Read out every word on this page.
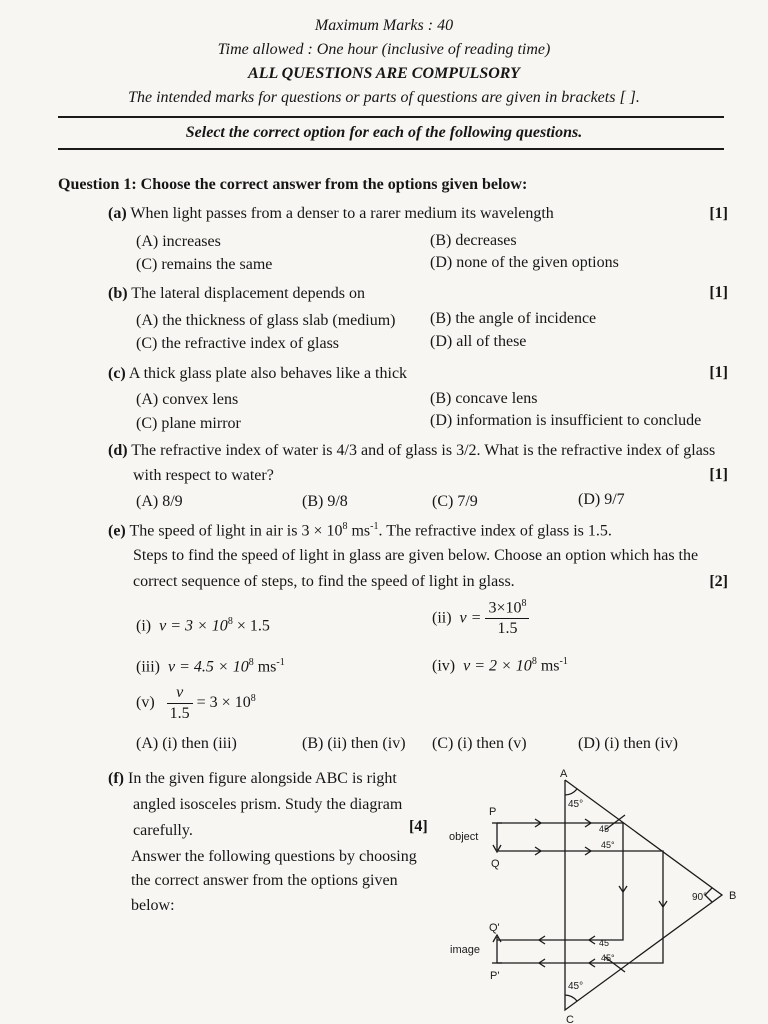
Maximum Marks : 40
Time allowed : One hour (inclusive of reading time)
ALL QUESTIONS ARE COMPULSORY
The intended marks for questions or parts of questions are given in brackets [ ].
Select the correct option for each of the following questions.
Question 1: Choose the correct answer from the options given below:
(a) When light passes from a denser to a rarer medium its wavelength	[1]
(A) increases	(B) decreases
(C) remains the same	(D) none of the given options
(b) The lateral displacement depends on	[1]
(A) the thickness of glass slab (medium) (B) the angle of incidence
(C) the refractive index of glass	(D) all of these
(c) A thick glass plate also behaves like a thick	[1]
(A) convex lens	(B) concave lens
(C) plane mirror	(D) information is insufficient to conclude
(d) The refractive index of water is 4/3 and of glass is 3/2. What is the refractive index of glass
with respect to water?	[1]
(A) 8/9	(B) 9/8	(C) 7/9	(D) 9/7
(e) The speed of light in air is $3 \times 10^8$ $ms^{-1}$. The refractive index of glass is 1.5.
Steps to find the speed of light in glass are given below. Choose an option which has the
correct sequence of steps, to find the speed of light in glass.	[2]
(i) $v = 3 \times 10^8 \times 1.5$	(ii) $v = \frac{3\times 10^8}{1.5}$
(iii) $v = 4.5 \times 10^8$ $ms^{-1}$	(iv) $v = 2 \times 10^8$ $ms^{-1}$
$(v) \frac{v}{1.5} = 3 \times 10^8$
(A) (i) then (iii)	(B) (ii) then (iv) (C) (i) then (v)	(D) (i) then (iv)
(f) In the given figure alongside ABC is right
angled isosceles prism. Study the diagram
carefully.	[4]
Answer the following questions by choosing
the correct answer from the options given
below:
A
B
C
P
Q
Q'
P'
object
image
45°
45°
90°
45
45°
45
45°
